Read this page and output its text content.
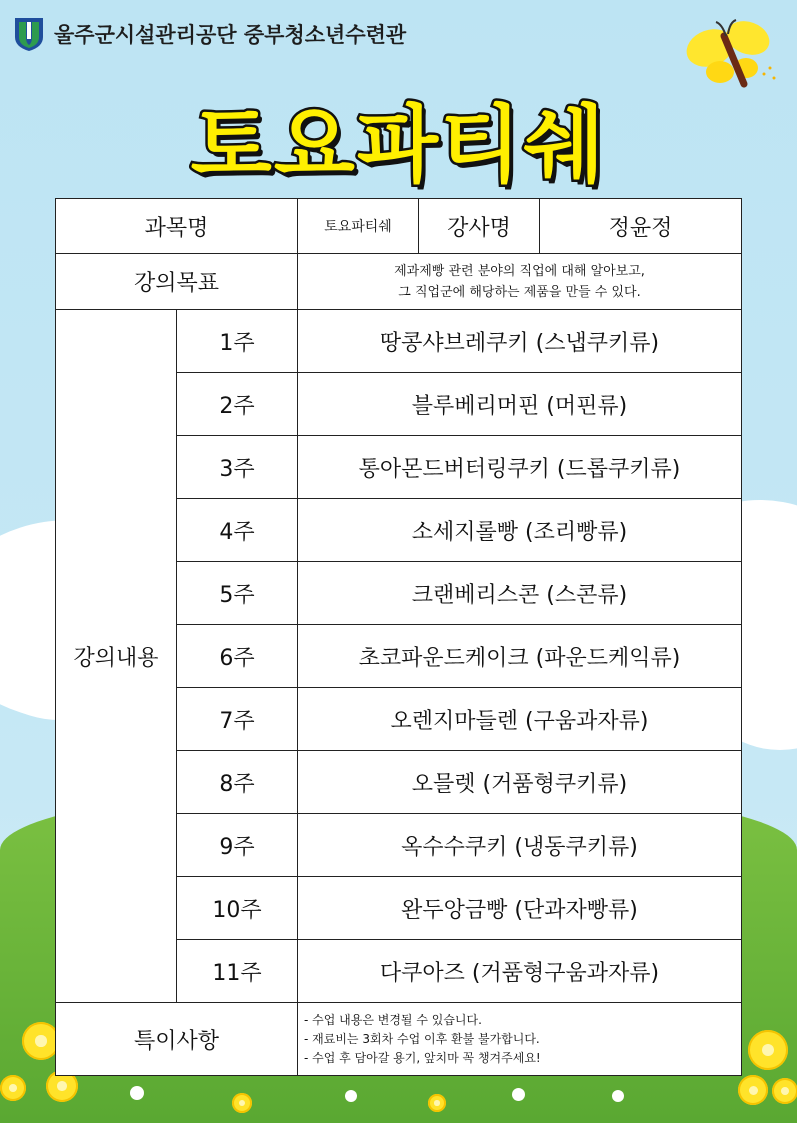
울주군시설관리공단 중부청소년수련관
토요파티쉐
과목명		토요파티쉐	강사명	정윤정
강의목표		제과제빵 관련 분야의 직업에 대해 알아보고,
그 직업군에 해당하는 제품을 만들 수 있다.		

강의내용	1주	땅콩샤브레쿠키 (스냅쿠키류)		
	2주	블루베리머핀 (머핀류)		
	3주	통아몬드버터링쿠키 (드롭쿠키류)		
	4주	소세지롤빵 (조리빵류)		
	5주	크랜베리스콘 (스콘류)		
	6주	초코파운드케이크 (파운드케익류)		
	7주	오렌지마들렌 (구움과자류)		
	8주	오믈렛 (거품형쿠키류)		
	9주	옥수수쿠키 (냉동쿠키류)		
	10주	완두앙금빵 (단과자빵류)		
	11주	다쿠아즈 (거품형구움과자류)		
특이사항		- 수업 내용은 변경될 수 있습니다.
- 재료비는 3회차 수업 이후 환불 불가합니다.
- 수업 후 담아갈 용기, 앞치마 꼭 챙겨주세요!		
